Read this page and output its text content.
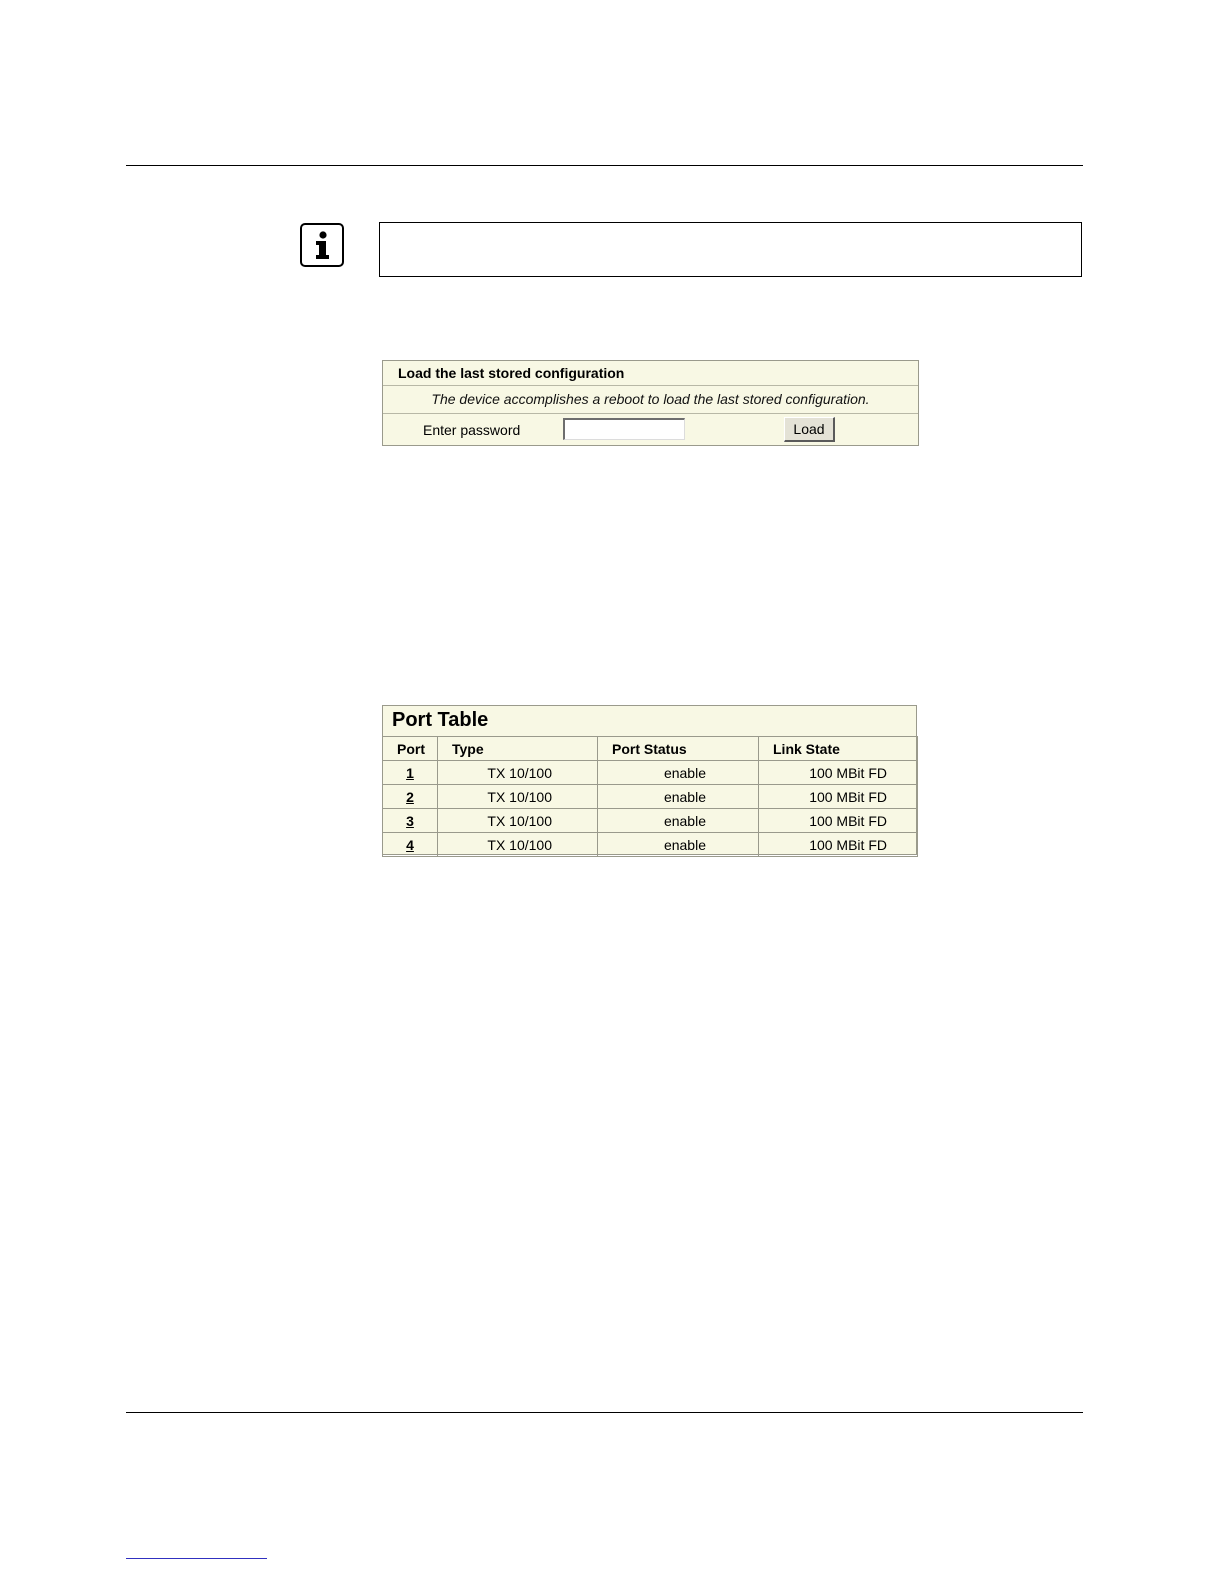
Load the last stored configuration
The device accomplishes a reboot to load the last stored configuration.
Enter password	Load
Port Table
Port	Type	Port Status	Link State
1	TX 10/100	enable	100 MBit FD
2	TX 10/100	enable	100 MBit FD
3	TX 10/100	enable	100 MBit FD
4	TX 10/100	enable	100 MBit FD
